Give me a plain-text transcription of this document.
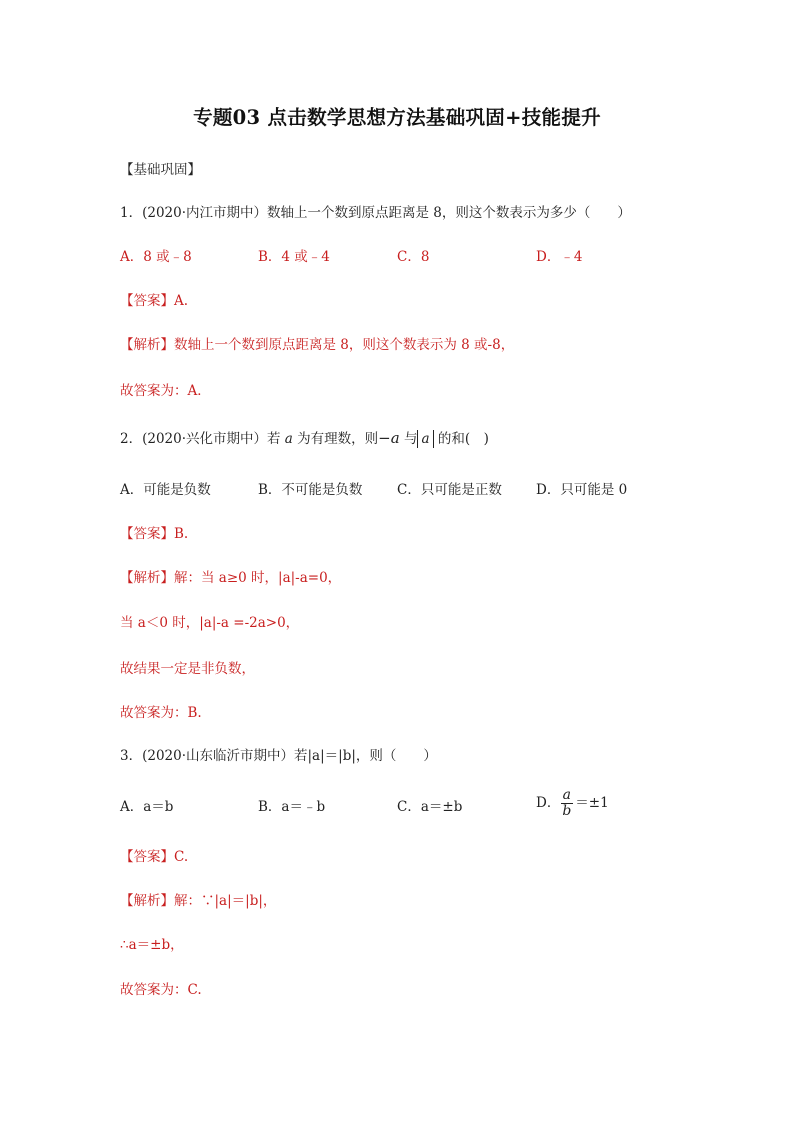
专题03 点击数学思想方法基础巩固+技能提升
【基础巩固】
1．(2020·内江市期中）数轴上一个数到原点距离是 8，则这个数表示为多少（　　）
A．8 或﹣8	B．4 或﹣4	C．8	D．﹣4
【答案】A.
【解析】数轴上一个数到原点距离是 8，则这个数表示为 8 或-8，
故答案为：A．
2．(2020·兴化市期中）若 a 为有理数，则−a 与 a 的和(　)
A．可能是负数	B．不可能是负数	C．只可能是正数	D．只可能是 0
【答案】B.
【解析】解：当 a≥0 时，|a|-a=0，
当 a＜0 时，|a|-a =-2a>0，
故结果一定是非负数，
故答案为：B.
3．(2020·山东临沂市期中）若|a|＝|b|，则（　　）
A．a＝b	B．a＝﹣b	C．a＝±b	D． $\frac{a}{b} =\pm 1$
【答案】C.
【解析】解：∵|a|＝|b|，
∴a＝±b，
故答案为：C.
